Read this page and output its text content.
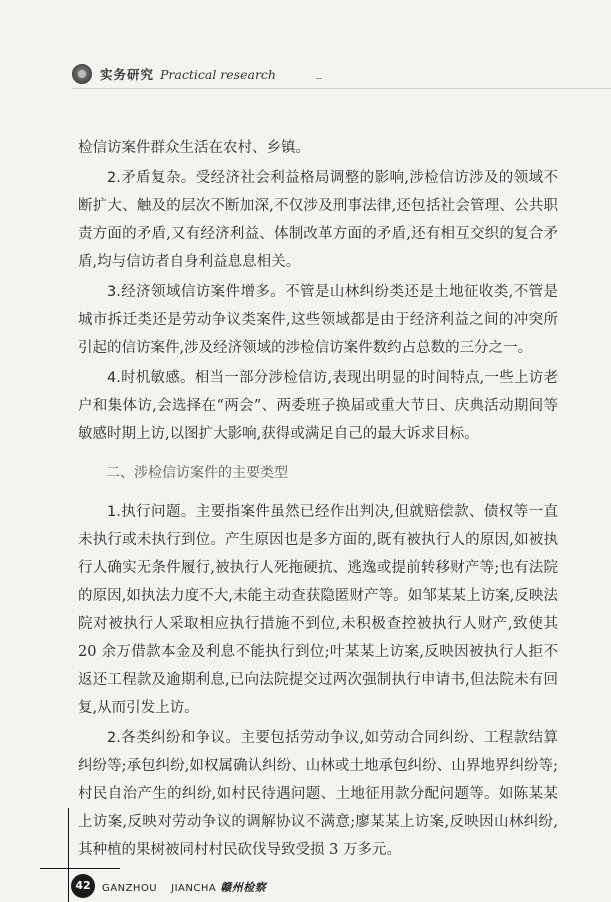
实务研究 Practical research

检信访案件群众生活在农村、乡镇。

2.矛盾复杂。受经济社会利益格局调整的影响,涉检信访涉及的领域不断扩大、触及的层次不断加深,不仅涉及刑事法律,还包括社会管理、公共职责方面的矛盾,又有经济利益、体制改革方面的矛盾,还有相互交织的复合矛盾,均与信访者自身利益息息相关。

3.经济领域信访案件增多。不管是山林纠纷类还是土地征收类,不管是城市拆迁类还是劳动争议类案件,这些领域都是由于经济利益之间的冲突所引起的信访案件,涉及经济领域的涉检信访案件数约占总数的三分之一。

4.时机敏感。相当一部分涉检信访,表现出明显的时间特点,一些上访老户和集体访,会选择在“两会”、两委班子换届或重大节日、庆典活动期间等敏感时期上访,以图扩大影响,获得或满足自己的最大诉求目标。

二、涉检信访案件的主要类型

1.执行问题。主要指案件虽然已经作出判决,但就赔偿款、债权等一直未执行或未执行到位。产生原因也是多方面的,既有被执行人的原因,如被执行人确实无条件履行,被执行人死拖硬抗、逃逸或提前转移财产等;也有法院的原因,如执法力度不大,未能主动查获隐匿财产等。如邹某某上访案,反映法院对被执行人采取相应执行措施不到位,未积极查控被执行人财产,致使其 20 余万借款本金及利息不能执行到位;叶某某上访案,反映因被执行人拒不返还工程款及逾期利息,已向法院提交过两次强制执行申请书,但法院未有回复,从而引发上访。

2.各类纠纷和争议。主要包括劳动争议,如劳动合同纠纷、工程款结算纠纷等;承包纠纷,如权属确认纠纷、山林或土地承包纠纷、山界地界纠纷等;村民自治产生的纠纷,如村民待遇问题、土地征用款分配问题等。如陈某某上访案,反映对劳动争议的调解协议不满意;廖某某上访案,反映因山林纠纷,其种植的果树被同村村民砍伐导致受损 3 万多元。

42	GANZHOU JIANCHA 赣州检察
